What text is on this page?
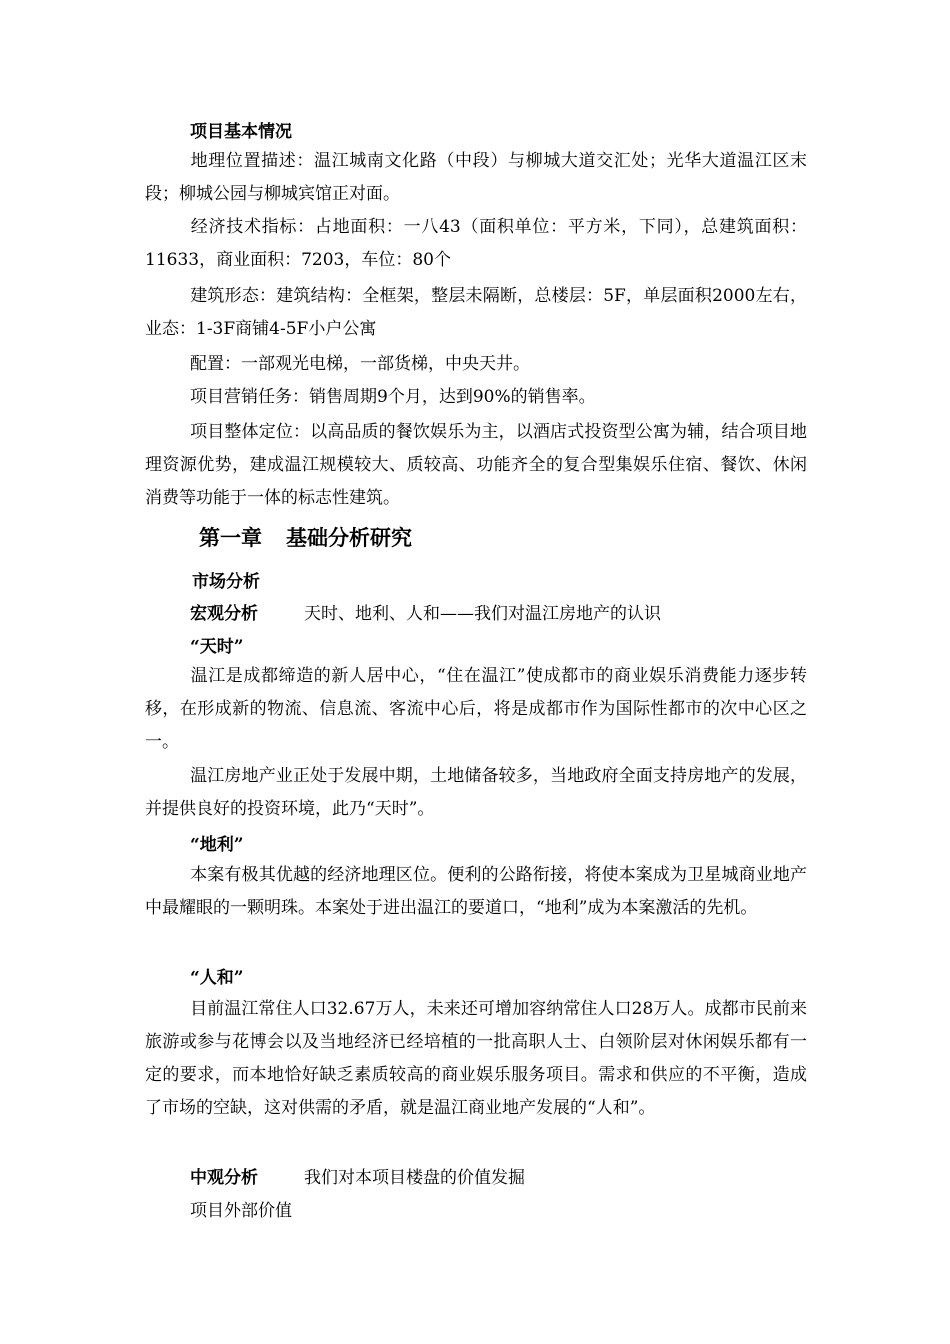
项目基本情况
地理位置描述：温江城南文化路（中段）与柳城大道交汇处；光华大道温江区末段；柳城公园与柳城宾馆正对面。
经济技术指标：占地面积：一八43（面积单位：平方米，下同），总建筑面积：11633，商业面积：7203，车位：80个
建筑形态：建筑结构：全框架，整层未隔断，总楼层：5F，单层面积2000左右，业态：1-3F商铺4-5F小户公寓
配置：一部观光电梯，一部货梯，中央天井。
项目营销任务：销售周期9个月，达到90%的销售率。
项目整体定位：以高品质的餐饮娱乐为主，以酒店式投资型公寓为辅，结合项目地理资源优势，建成温江规模较大、质较高、功能齐全的复合型集娱乐住宿、餐饮、休闲消费等功能于一体的标志性建筑。
第一章 基础分析研究
市场分析
宏观分析	天时、地利、人和——我们对温江房地产的认识
“天时”
温江是成都缔造的新人居中心，“住在温江”使成都市的商业娱乐消费能力逐步转移，在形成新的物流、信息流、客流中心后，将是成都市作为国际性都市的次中心区之一。
温江房地产业正处于发展中期，土地储备较多，当地政府全面支持房地产的发展，并提供良好的投资环境，此乃“天时”。
“地利”
本案有极其优越的经济地理区位。便利的公路衔接，将使本案成为卫星城商业地产中最耀眼的一颗明珠。本案处于进出温江的要道口，“地利”成为本案激活的先机。
“人和”
目前温江常住人口32.67万人，未来还可增加容纳常住人口28万人。成都市民前来旅游或参与花博会以及当地经济已经培植的一批高职人士、白领阶层对休闲娱乐都有一定的要求，而本地恰好缺乏素质较高的商业娱乐服务项目。需求和供应的不平衡，造成了市场的空缺，这对供需的矛盾，就是温江商业地产发展的“人和”。
中观分析	我们对本项目楼盘的价值发掘
项目外部价值
